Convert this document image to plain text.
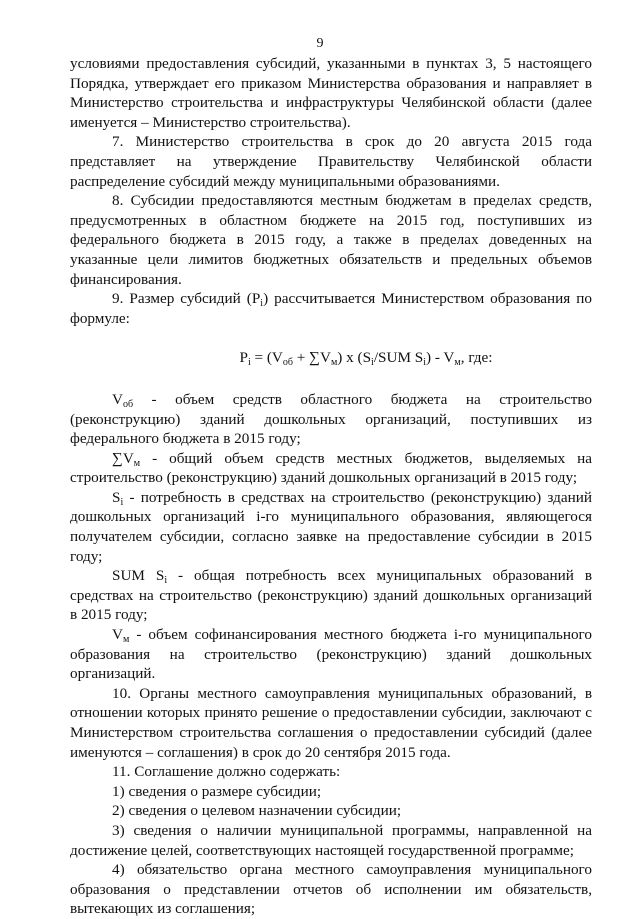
9

условиями предоставления субсидий, указанными в пунктах 3, 5 настоящего Порядка, утверждает его приказом Министерства образования и направляет в Министерство строительства и инфраструктуры Челябинской области (далее именуется – Министерство строительства).

7. Министерство строительства в срок до 20 августа 2015 года представляет на утверждение Правительству Челябинской области распределение субсидий между муниципальными образованиями.

8. Субсидии предоставляются местным бюджетам в пределах средств, предусмотренных в областном бюджете на 2015 год, поступивших из федерального бюджета в 2015 году, а также в пределах доведенных на указанные цели лимитов бюджетных обязательств и предельных объемов финансирования.

9. Размер субсидий $(P_i)$ рассчитывается Министерством образования по формуле:

$P_i = (V_{об} + \sum V_м)$ x ($S_i$/SUM $S_i) - V_м$, где:

$V_{об}$ - объем средств областного бюджета на строительство (реконструкцию) зданий дошкольных организаций, поступивших из федерального бюджета в 2015 году;

$\sum V_м$ - общий объем средств местных бюджетов, выделяемых на строительство (реконструкцию) зданий дошкольных организаций в 2015 году;

$S_i$ - потребность в средствах на строительство (реконструкцию) зданий дошкольных организаций i-го муниципального образования, являющегося получателем субсидии, согласно заявке на предоставление субсидии в 2015 году;

SUM $S_i$ - общая потребность всех муниципальных образований в средствах на строительство (реконструкцию) зданий дошкольных организаций в 2015 году;

$V_м$ - объем софинансирования местного бюджета i-го муниципального образования на строительство (реконструкцию) зданий дошкольных организаций.

10. Органы местного самоуправления муниципальных образований, в отношении которых принято решение о предоставлении субсидии, заключают с Министерством строительства соглашения о предоставлении субсидий (далее именуются – соглашения) в срок до 20 сентября 2015 года.

11. Соглашение должно содержать:

1) сведения о размере субсидии;

2) сведения о целевом назначении субсидии;

3) сведения о наличии муниципальной программы, направленной на достижение целей, соответствующих настоящей государственной программе;

4) обязательство органа местного самоуправления муниципального образования о представлении отчетов об исполнении им обязательств, вытекающих из соглашения;
